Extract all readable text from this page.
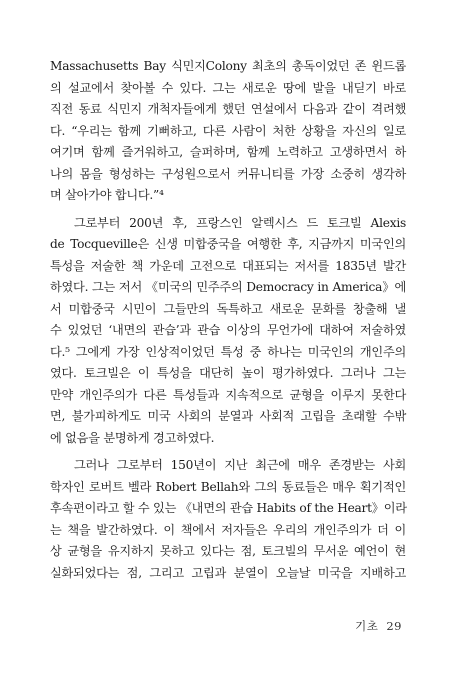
Massachusetts Bay 식민지Colony 최초의 총독이었던 존 윈드롭
의 설교에서 찾아볼 수 있다. 그는 새로운 땅에 발을 내딛기 바로
직전 동료 식민지 개척자들에게 했던 연설에서 다음과 같이 격려했
다. “우리는 함께 기뻐하고, 다른 사람이 처한 상황을 자신의 일로
여기며 함께 즐거워하고, 슬퍼하며, 함께 노력하고 고생하면서 하
나의 몸을 형성하는 구성원으로서 커뮤니티를 가장 소중히 생각하
며 살아가야 합니다.”⁴
그로부터 200년 후, 프랑스인 알렉시스 드 토크빌 Alexis
de Tocqueville은 신생 미합중국을 여행한 후, 지금까지 미국인의
특성을 저술한 책 가운데 고전으로 대표되는 저서를 1835년 발간
하였다. 그는 저서 《미국의 민주주의 Democracy in America》에
서 미합중국 시민이 그들만의 독특하고 새로운 문화를 창출해 낼
수 있었던 ‘내면의 관습’과 관습 이상의 무언가에 대하여 저술하였
다.⁵ 그에게 가장 인상적이었던 특성 중 하나는 미국인의 개인주의
였다. 토크빌은 이 특성을 대단히 높이 평가하였다. 그러나 그는
만약 개인주의가 다른 특성들과 지속적으로 균형을 이루지 못한다
면, 불가피하게도 미국 사회의 분열과 사회적 고립을 초래할 수밖
에 없음을 분명하게 경고하였다.
그러나 그로부터 150년이 지난 최근에 매우 존경받는 사회
학자인 로버트 벨라 Robert Bellah와 그의 동료들은 매우 획기적인
후속편이라고 할 수 있는 《내면의 관습 Habits of the Heart》이라
는 책을 발간하였다. 이 책에서 저자들은 우리의 개인주의가 더 이
상 균형을 유지하지 못하고 있다는 점, 토크빌의 무서운 예언이 현
실화되었다는 점, 그리고 고립과 분열이 오늘날 미국을 지배하고
기초 29
